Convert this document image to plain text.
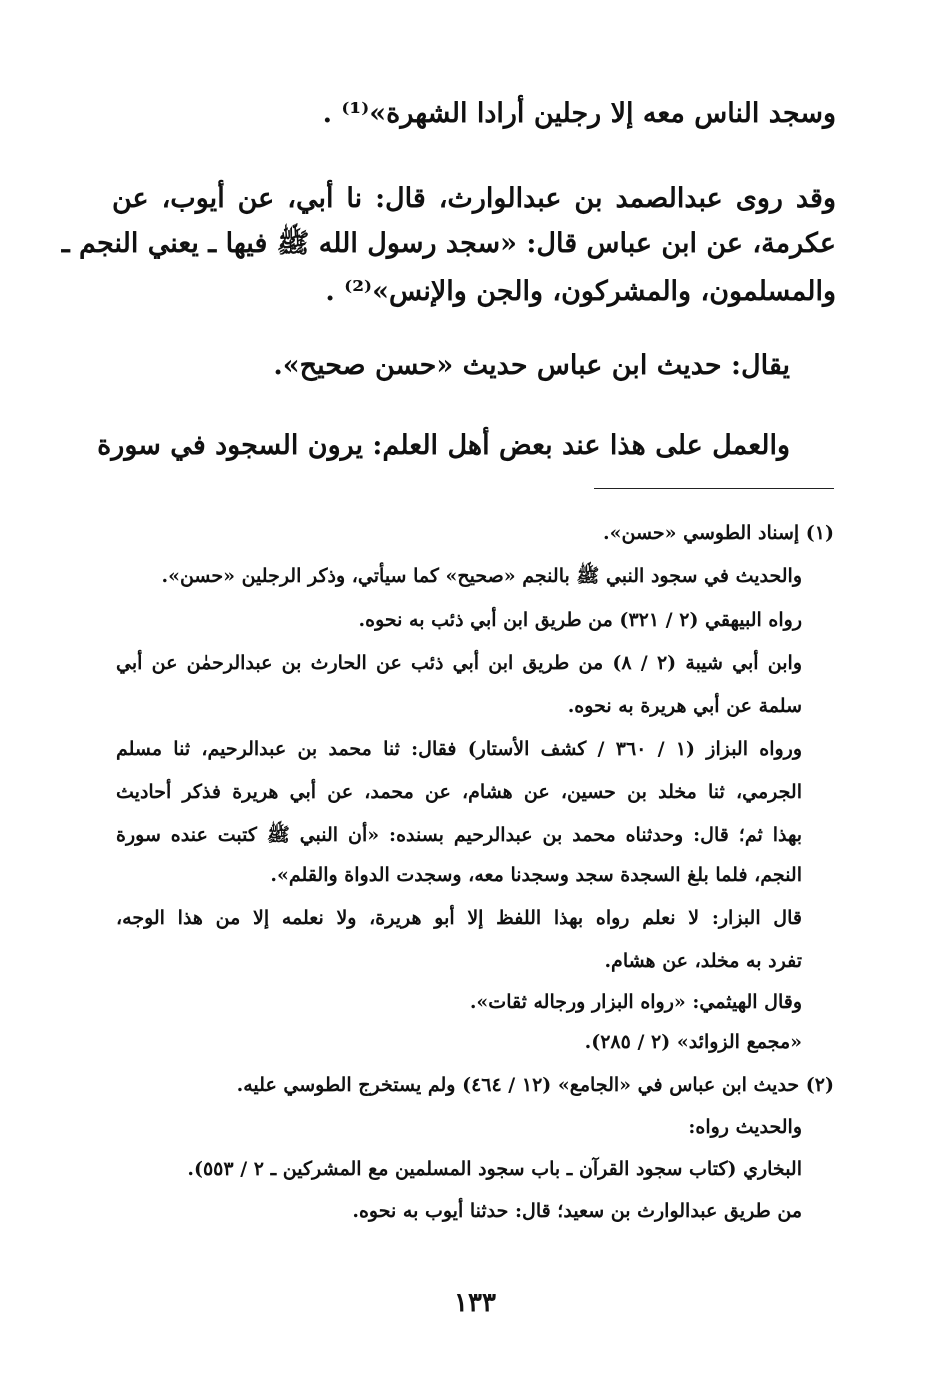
وسجد الناس معه إلا رجلين أرادا الشهرة»⁽¹⁾ .
وقد روى عبدالصمد بن عبدالوارث، قال: نا أبي، عن أيوب، عن
عكرمة، عن ابن عباس قال: «سجد رسول الله ﷺ فيها ـ يعني النجم ـ
والمسلمون، والمشركون، والجن والإنس»⁽²⁾ .
يقال: حديث ابن عباس حديث «حسن صحيح».
والعمل على هذا عند بعض أهل العلم: يرون السجود في سورة
(١) إسناد الطوسي «حسن».
والحديث في سجود النبي ﷺ بالنجم «صحيح» كما سيأتي، وذكر الرجلين «حسن».
رواه البيهقي (٢ / ٣٢١) من طريق ابن أبي ذئب به نحوه.
وابن أبي شيبة (٢ / ٨) من طريق ابن أبي ذئب عن الحارث بن عبدالرحمٰن عن أبي
سلمة عن أبي هريرة به نحوه.
ورواه البزاز (١ / ٣٦٠ / كشف الأستار) فقال: ثنا محمد بن عبدالرحيم، ثنا مسلم
الجرمي، ثنا مخلد بن حسين، عن هشام، عن محمد، عن أبي هريرة فذكر أحاديث
بهذا ثم؛ قال: وحدثناه محمد بن عبدالرحيم بسنده: «أن النبي ﷺ كتبت عنده سورة
النجم، فلما بلغ السجدة سجد وسجدنا معه، وسجدت الدواة والقلم».
قال البزار: لا نعلم رواه بهذا اللفظ إلا أبو هريرة، ولا نعلمه إلا من هذا الوجه،
تفرد به مخلد، عن هشام.
وقال الهيثمي: «رواه البزار ورجاله ثقات».
«مجمع الزوائد» (٢ / ٢٨٥).
(٢) حديث ابن عباس في «الجامع» (١٢ / ٤٦٤) ولم يستخرج الطوسي عليه.
والحديث رواه:
البخاري (كتاب سجود القرآن ـ باب سجود المسلمين مع المشركين ـ ٢ / ٥٥٣).
من طريق عبدالوارث بن سعيد؛ قال: حدثنا أيوب به نحوه.
١٣٣
